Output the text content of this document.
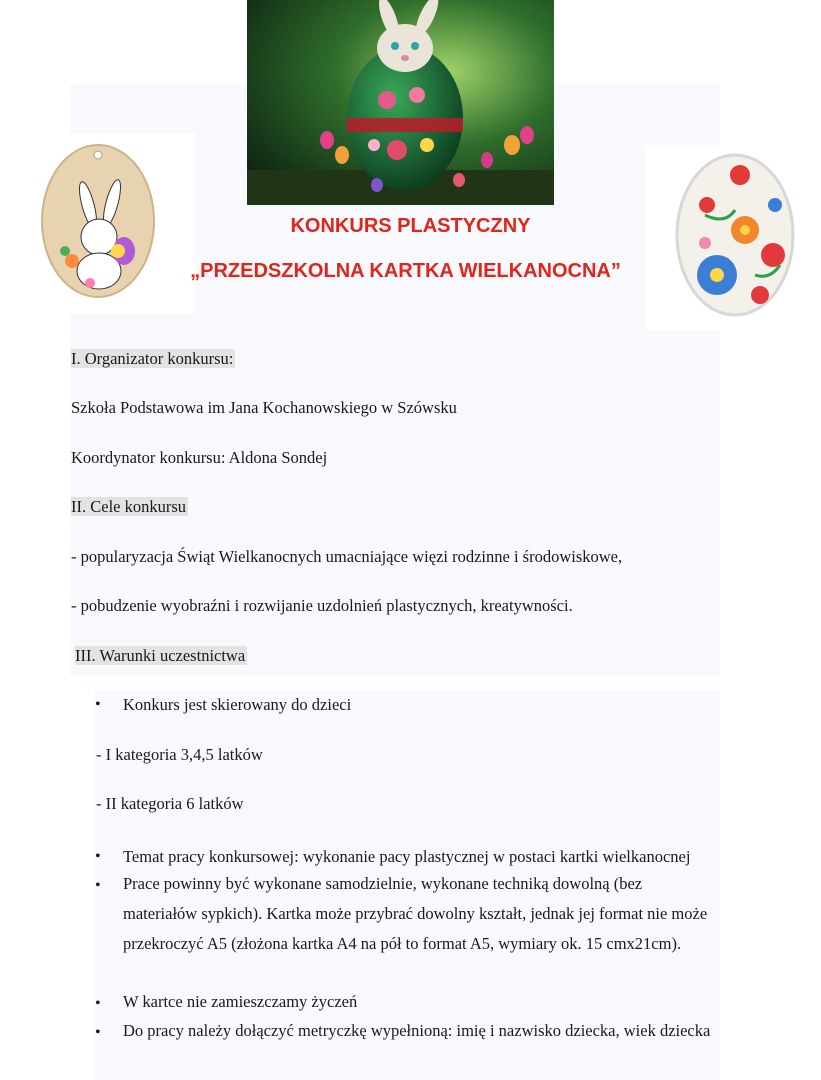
KONKURS PLASTYCZNY
„PRZEDSZKOLNA KARTKA WIELKANOCNA”
I. Organizator konkursu:
Szkoła Podstawowa im Jana Kochanowskiego w Szówsku
Koordynator konkursu: Aldona Sondej
II. Cele konkursu
- popularyzacja Świąt Wielkanocnych umacniające więzi rodzinne i środowiskowe,
- pobudzenie wyobraźni i rozwijanie uzdolnień plastycznych, kreatywności.
III. Warunki uczestnictwa
• Konkurs jest skierowany do dzieci
- I kategoria 3,4,5 latków
- II kategoria 6 latków
• Temat pracy konkursowej: wykonanie pacy plastycznej w postaci kartki wielkanocnej
• Prace powinny być wykonane samodzielnie, wykonane techniką dowolną (bez materiałów sypkich). Kartka może przybrać dowolny kształt, jednak jej format nie może przekroczyć A5 (złożona kartka A4 na pół to format A5, wymiary ok. 15 cmx21cm).
• W kartce nie zamieszczamy życzeń
• Do pracy należy dołączyć metryczkę wypełnioną: imię i nazwisko dziecka, wiek dziecka
